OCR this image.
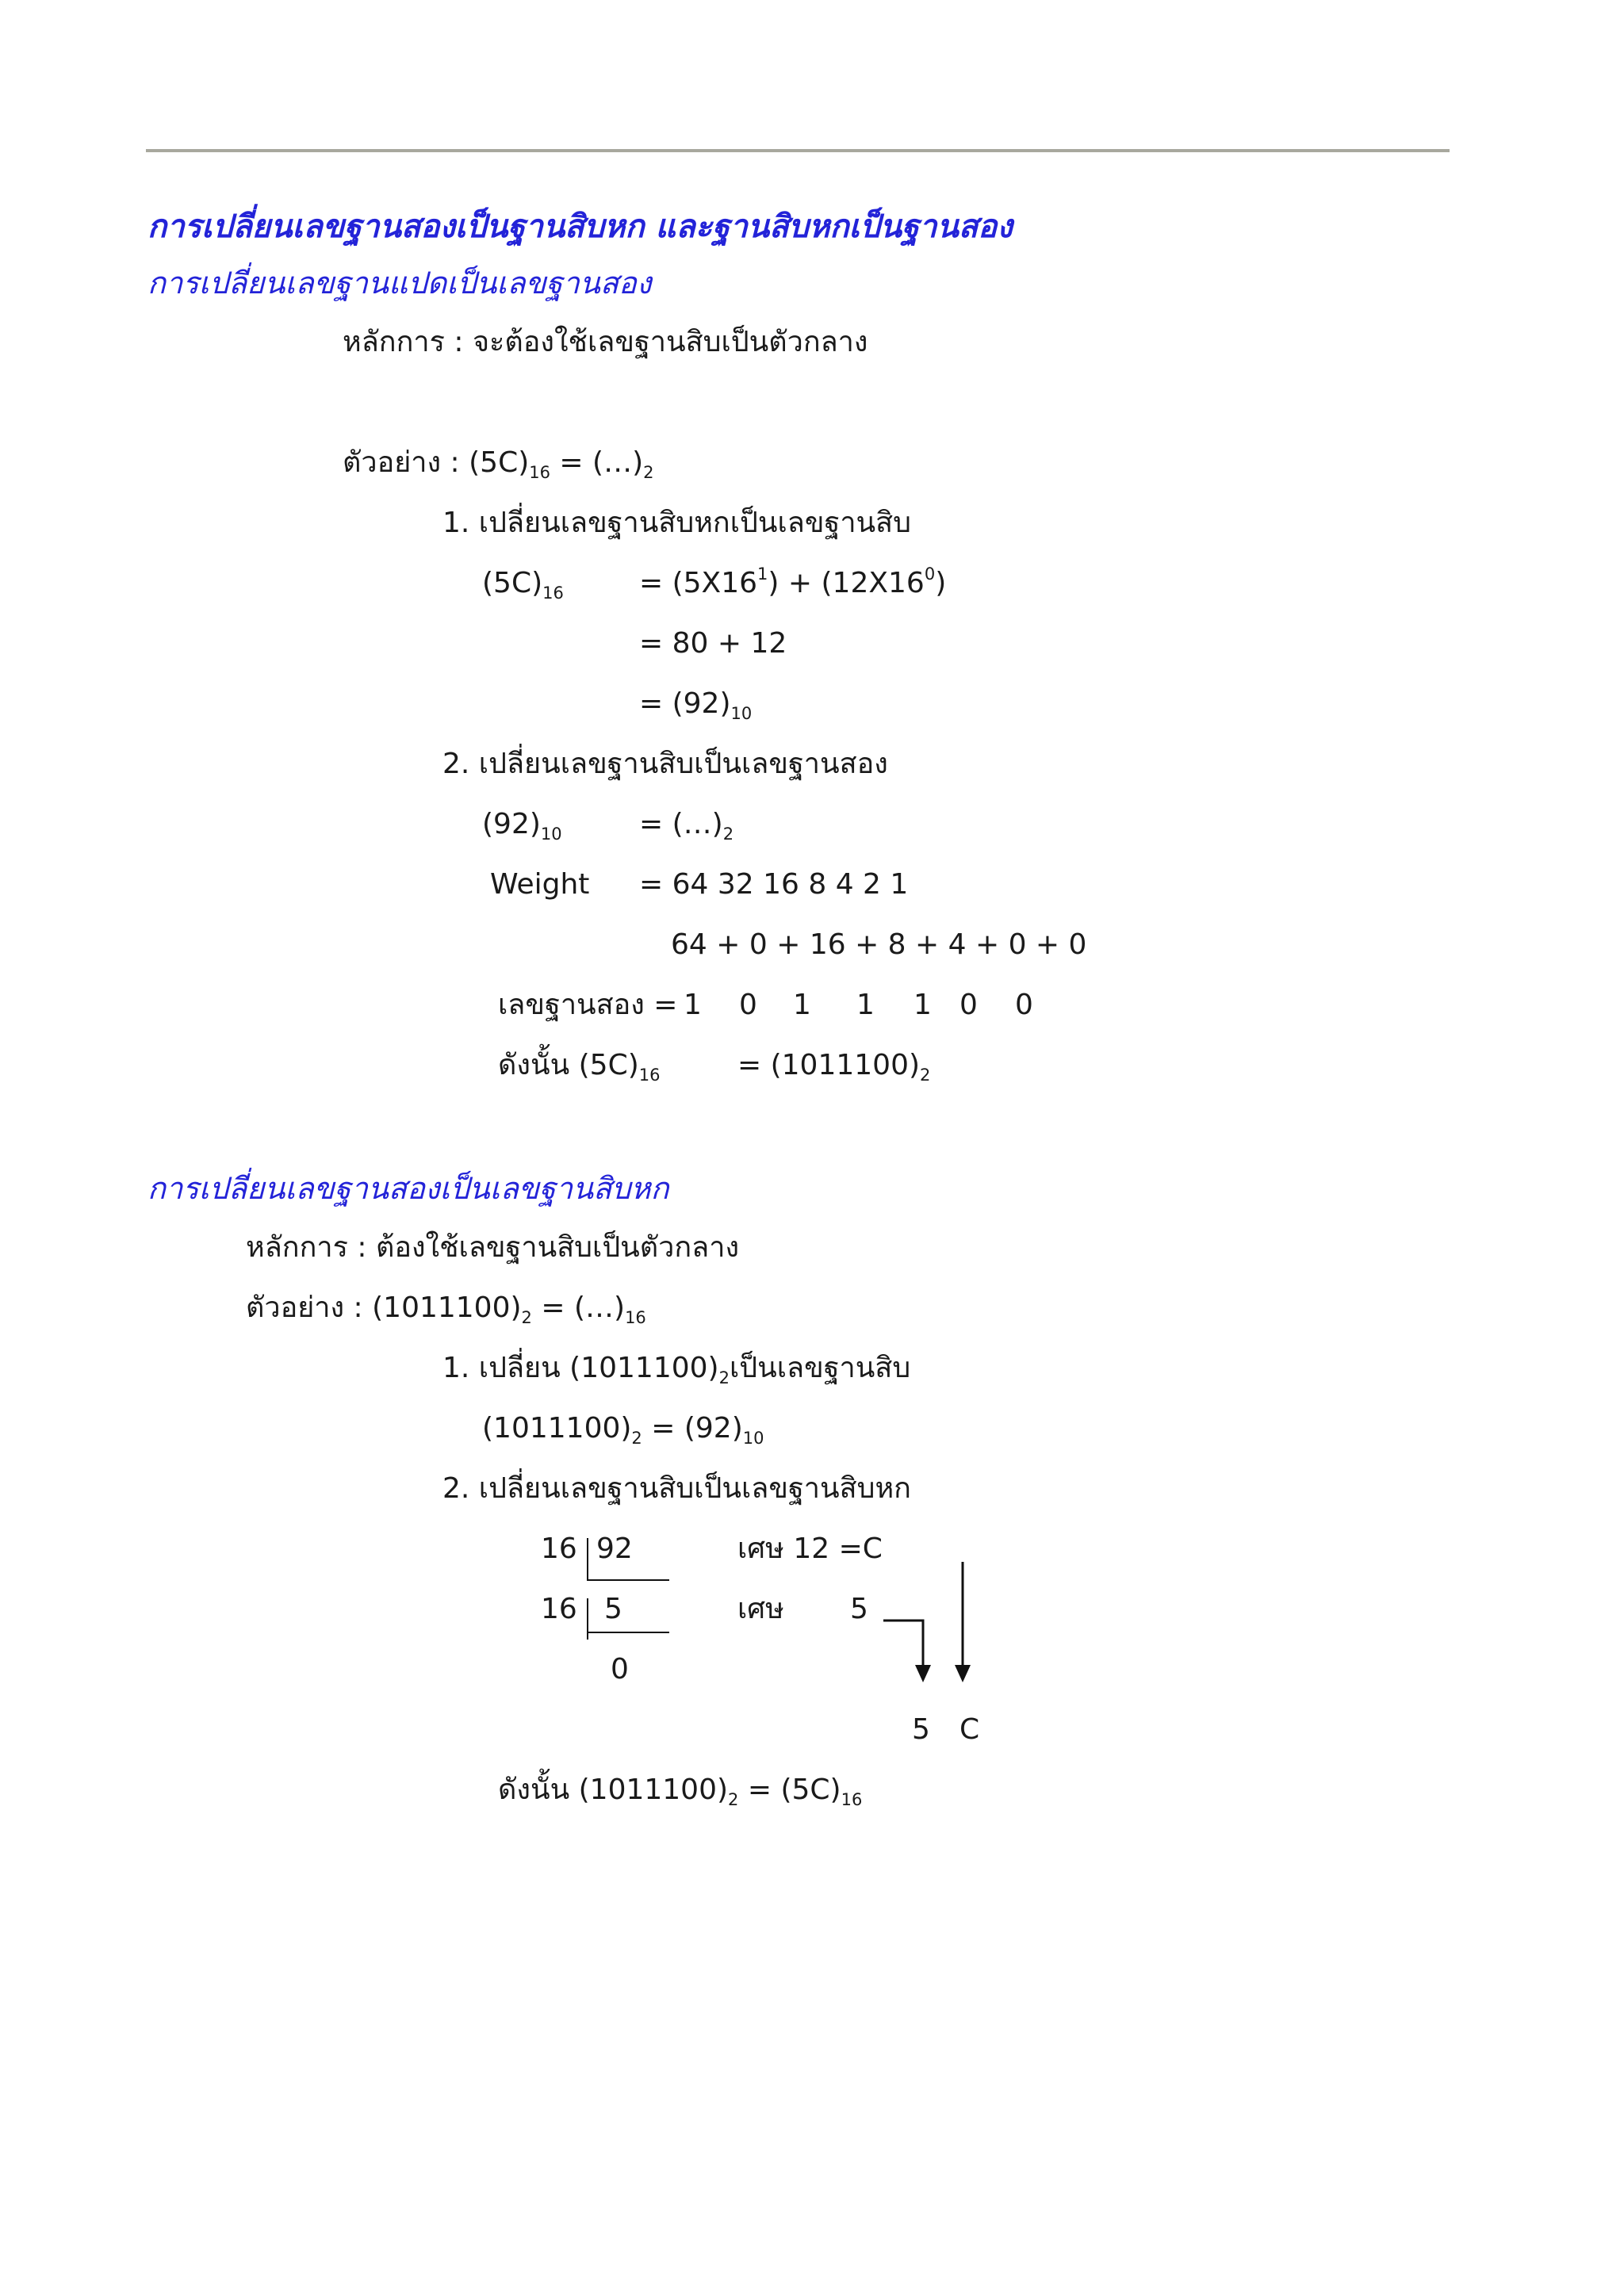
การเปลี่ยนเลขฐานสองเป็นฐานสิบหก และฐานสิบหกเป็นฐานสอง
การเปลี่ยนเลขฐานแปดเป็นเลขฐานสอง
หลักการ : จะต้องใช้เลขฐานสิบเป็นตัวกลาง
ตัวอย่าง : $(5C)_{16}$ = $(\dots)_2$
1. เปลี่ยนเลขฐานสิบหกเป็นเลขฐานสิบ
$(5C)_{16}$	= $(5X16^1) + (12X16^0)$
= 80 + 12
= $(92)_{10}$
2. เปลี่ยนเลขฐานสิบเป็นเลขฐานสอง
$(92)_{10}$	= $(\dots)_2$
Weight = 64 32 16 8 4 2 1
64 + 0 + 16 + 8 + 4 + 0 + 0
เลขฐานสอง = 1 0 1 1 1 0 0
ดังนั้น $(5C)_{16}$	= $(1011100)_2$
การเปลี่ยนเลขฐานสองเป็นเลขฐานสิบหก
หลักการ : ต้องใช้เลขฐานสิบเป็นตัวกลาง
ตัวอย่าง : $(1011100)_2$ = $(\dots)_{16}$
1. เปลี่ยน $(1011100)_2$เป็นเลขฐานสิบ
$(1011100)_2 = (92)_{10}$
2. เปลี่ยนเลขฐานสิบเป็นเลขฐานสิบหก
16 92	เศษ 12 =C
16 5	เศษ 5
0
5 C
ดังนั้น $(1011100)_2 = (5C)_{16}$
